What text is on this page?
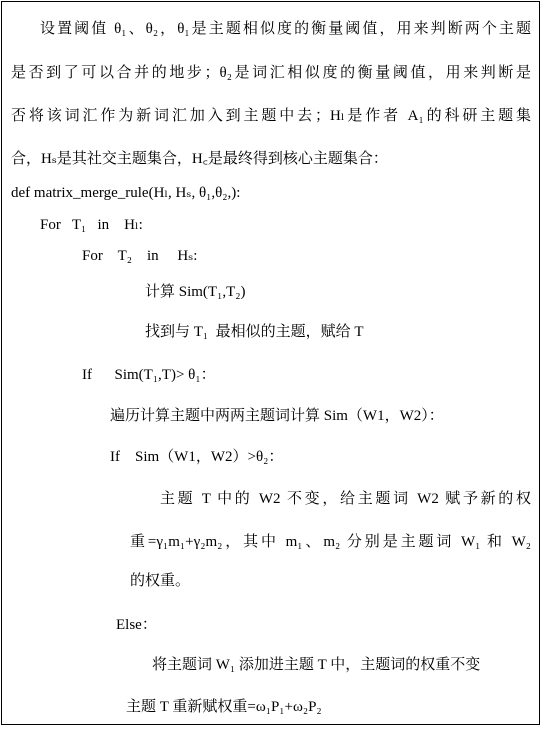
设置阈值 θ₁、θ₂，θ₁是主题相似度的衡量阈值，用来判断两个主题
是否到了可以合并的地步；θ₂是词汇相似度的衡量阈值，用来判断是
否将该词汇作为新词汇加入到主题中去；Hₗ是作者 A₁的科研主题集
合，Hₛ是其社交主题集合，H꜀是最终得到核心主题集合：
def matrix_merge_rule(Hₗ, Hₛ, θ₁,θ₂,):
For   T₁   in    Hₗ:
For    T₂    in     Hₛ:
计算 Sim(T₁,T₂)
找到与 T₁  最相似的主题，赋给 T
If      Sim(T₁,T)> θ₁：
遍历计算主题中两两主题词计算 Sim（W1，W2）：
If    Sim（W1，W2）>θ₂：
主题 T 中的 W2 不变，给主题词 W2 赋予新的权
重=γ₁m₁+γ₂m₂，其中 m₁、m₂ 分别是主题词 W₁ 和 W₂
的权重。
Else：
将主题词 W₁ 添加进主题 T 中，主题词的权重不变
主题 T 重新赋权重=ω₁P₁+ω₂P₂
